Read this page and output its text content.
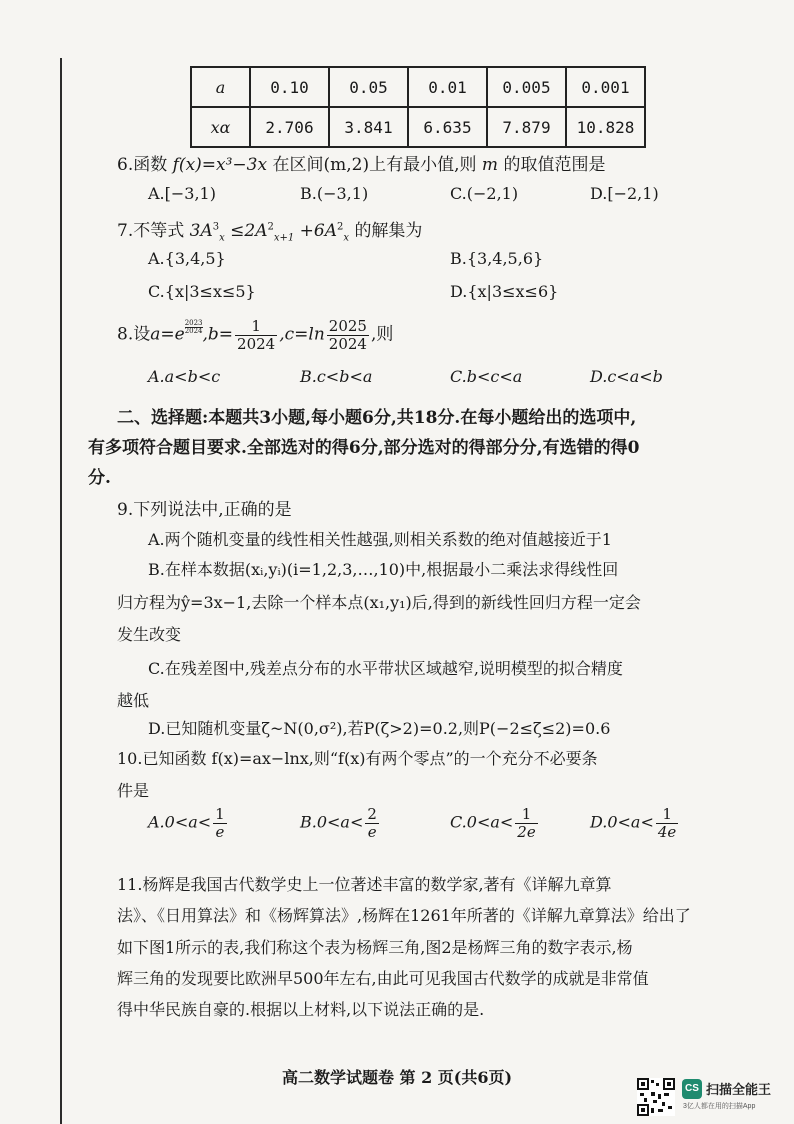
a	0.10	0.05	0.01	0.005	0.001
xα	2.706	3.841	6.635	7.879	10.828
6.函数 f(x)=x³−3x 在区间(m,2)上有最小值,则 m 的取值范围是
A.[−3,1)	B.(−3,1)	C.(−2,1)	D.[−2,1)
7.不等式 $3A^3_x \le 2A^2_{x+1} +6A^2_x$ 的解集为
A.{3,4,5}	B.{3,4,5,6}
C.{x|3≤x≤5}	D.{x|3≤x≤6}
8.设$a=e \frac{2023}{2024} ,b= \frac{1}{2024} ,c=\ln \frac{2025}{2024}$ ,则
A.a<b<c	B.c<b<a	C.b<c<a	D.c<a<b
二、选择题:本题共3小题,每小题6分,共18分.在每小题给出的选项中,
有多项符合题目要求.全部选对的得6分,部分选对的得部分分,有选错的得0
分.
9.下列说法中,正确的是
A.两个随机变量的线性相关性越强,则相关系数的绝对值越接近于1
B.在样本数据(xᵢ,yᵢ)(i=1,2,3,…,10)中,根据最小二乘法求得线性回
归方程为ŷ=3x−1,去除一个样本点(x₁,y₁)后,得到的新线性回归方程一定会
发生改变
C.在残差图中,残差点分布的水平带状区域越窄,说明模型的拟合精度
越低
D.已知随机变量ζ~N(0,σ²),若P(ζ>2)=0.2,则P(−2≤ζ≤2)=0.6
10.已知函数 f(x)=ax−lnx,则“f(x)有两个零点”的一个充分不必要条
件是
$A.0<a< \frac{1}{e}$	$B.0<a< \frac{2}{e}$	$C.0<a< \frac{1}{2e}$	$D.0<a< \frac{1}{4e}$
11.杨辉是我国古代数学史上一位著述丰富的数学家,著有《详解九章算
法》、《日用算法》和《杨辉算法》,杨辉在1261年所著的《详解九章算法》给出了
如下图1所示的表,我们称这个表为杨辉三角,图2是杨辉三角的数字表示,杨
辉三角的发现要比欧洲早500年左右,由此可见我国古代数学的成就是非常值
得中华民族自豪的.根据以上材料,以下说法正确的是.
高二数学试题卷 第 2 页(共6页)
CS 扫描全能王
3亿人都在用的扫描App
